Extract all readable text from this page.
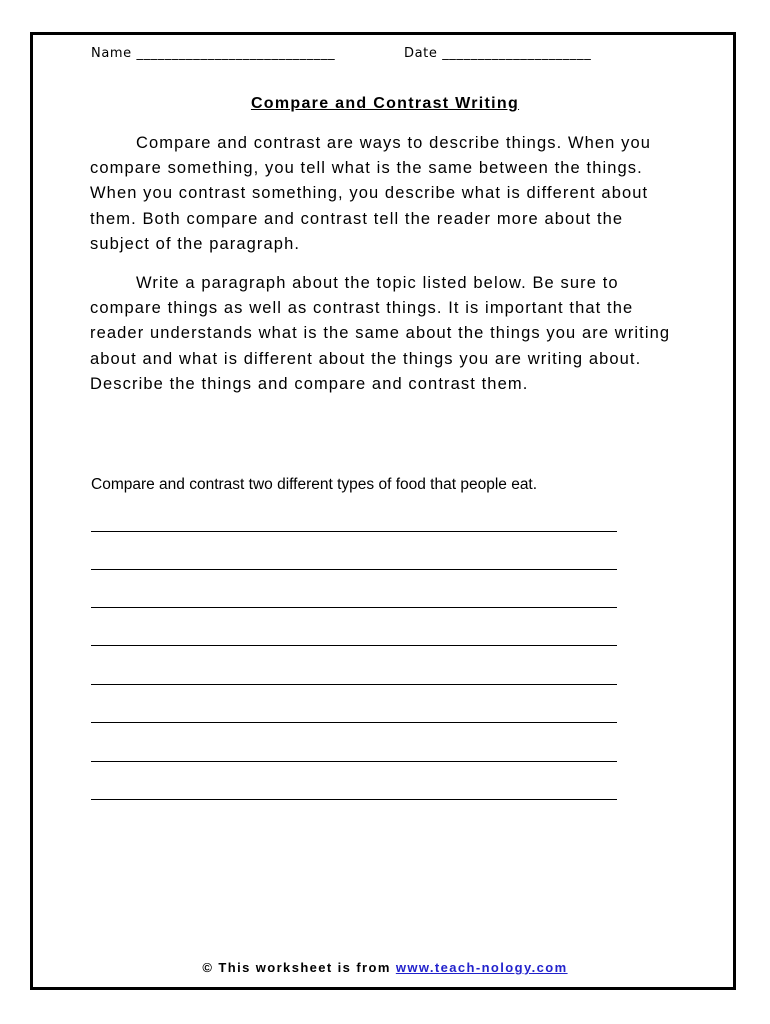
Name ____________________________	Date _____________________
Compare and Contrast Writing

Compare and contrast are ways to describe things. When you compare something, you tell what is the same between the things. When you contrast something, you describe what is different about them. Both compare and contrast tell the reader more about the subject of the paragraph.

Write a paragraph about the topic listed below. Be sure to compare things as well as contrast things. It is important that the reader understands what is the same about the things you are writing about and what is different about the things you are writing about. Describe the things and compare and contrast them.

Compare and contrast two different types of food that people eat.
© This worksheet is from www.teach-nology.com
